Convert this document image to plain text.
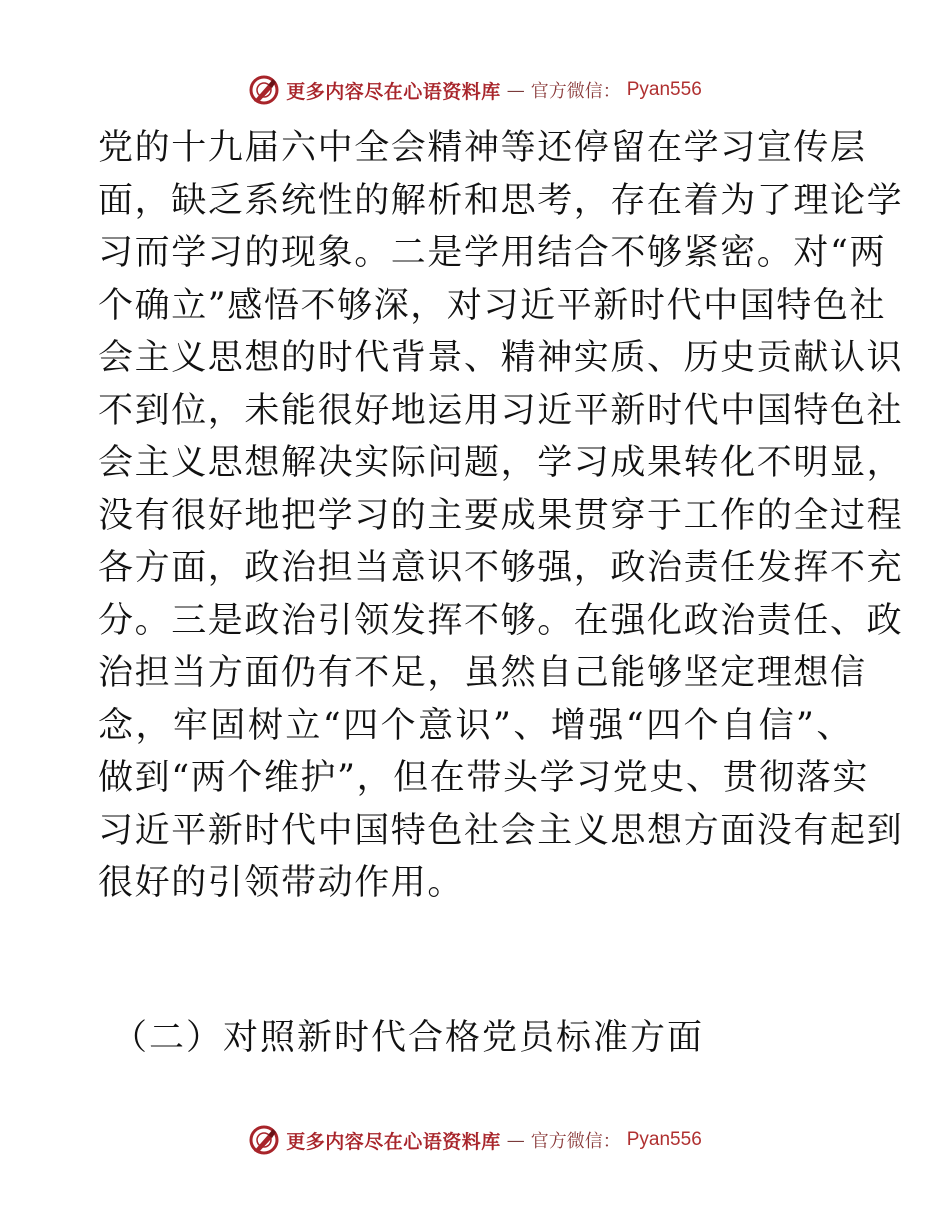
更多内容尽在心语资料库 — 官方微信： Pyan556
党的十九届六中全会精神等还停留在学习宣传层
面，缺乏系统性的解析和思考，存在着为了理论学
习而学习的现象。二是学用结合不够紧密。对“两
个确立”感悟不够深，对习近平新时代中国特色社
会主义思想的时代背景、精神实质、历史贡献认识
不到位，未能很好地运用习近平新时代中国特色社
会主义思想解决实际问题，学习成果转化不明显，
没有很好地把学习的主要成果贯穿于工作的全过程
各方面，政治担当意识不够强，政治责任发挥不充
分。三是政治引领发挥不够。在强化政治责任、政
治担当方面仍有不足，虽然自己能够坚定理想信
念，牢固树立“四个意识”、增强“四个自信”、
做到“两个维护”，但在带头学习党史、贯彻落实
习近平新时代中国特色社会主义思想方面没有起到
很好的引领带动作用。
（二）对照新时代合格党员标准方面
更多内容尽在心语资料库 — 官方微信： Pyan556
